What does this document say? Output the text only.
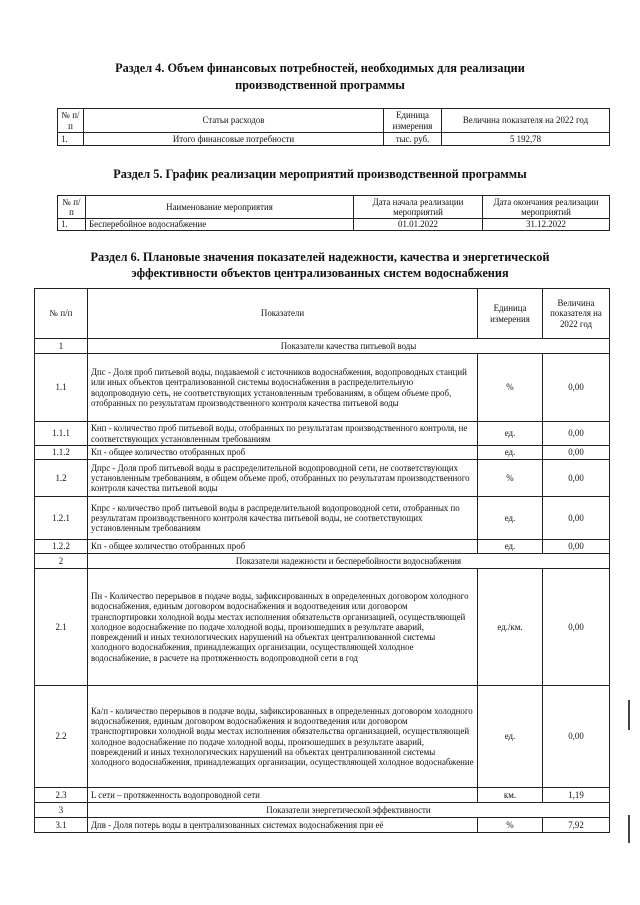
Раздел 4. Объем финансовых потребностей, необходимых для реализации
производственной программы
№ п/п	Статьи расходов	Единица измерения	Величина показателя на 2022 год
1.	Итого финансовые потребности	тыс. руб.	5 192,78
Раздел 5. График реализации мероприятий производственной программы
№ п/п	Наименование мероприятия	Дата начала реализации мероприятий	Дата окончания реализации мероприятий
1.	Бесперебойное водоснабжение	01.01.2022	31.12.2022
Раздел 6. Плановые значения показателей надежности, качества и энергетической
эффективности объектов централизованных систем водоснабжения
№ п/п	Показатели	Единица измерения	Величина показателя на 2022 год
1	Показатели качества питьевой воды		
1.1	Дпс - Доля проб питьевой воды, подаваемой с источников водоснабжения, водопроводных станций или иных объектов централизованной системы водоснабжения в распределительную водопроводную сеть, не соответствующих установленным требованиям, в общем объеме проб, отобранных по результатам производственного контроля качества питьевой воды	%	0,00
1.1.1	Кнп - количество проб питьевой воды, отобранных по результатам производственного контроля, не соответствующих установленным требованиям	ед.	0,00
1.1.2	Кп - общее количество отобранных проб	ед.	0,00
1.2	Дпрс - Доля проб питьевой воды в распределительной водопроводной сети, не соответствующих установленным требованиям, в общем объеме проб, отобранных по результатам производственного контроля качества питьевой воды	%	0,00
1.2.1	Кпрс - количество проб питьевой воды в распределительной водопроводной сети, отобранных по результатам производственного контроля качества питьевой воды, не соответствующих установленным требованиям	ед.	0,00
1.2.2	Кп - общее количество отобранных проб	ед.	0,00
2	Показатели надежности и бесперебойности водоснабжения		
2.1	Пн - Количество перерывов в подаче воды, зафиксированных в определенных договором холодного водоснабжения, единым договором водоснабжения и водоотведения или договором транспортировки холодной воды местах исполнения обязательств организацией, осуществляющей холодное водоснабжение по подаче холодной воды, произошедших в результате аварий, повреждений и иных технологических нарушений на объектах централизованной системы холодного водоснабжения, принадлежащих организации, осуществляющей холодное водоснабжение, в расчете на протяженность водопроводной сети в год	ед./км.	0,00
2.2	Ка/п - количество перерывов в подаче воды, зафиксированных в определенных договором холодного водоснабжения, единым договором водоснабжения и водоотведения или договором транспортировки холодной воды местах исполнения обязательства организацией, осуществляющей холодное водоснабжение по подаче холодной воды, произошедших в результате аварий, повреждений и иных технологических нарушений на объектах централизованной системы холодного водоснабжения, принадлежащих организации, осуществляющей холодное водоснабжение	ед.	0,00
2.3	L сети – протяженность водопроводной сети	км.	1,19
3	Показатели энергетической эффективности		
3.1	Дпв - Доля потерь воды в централизованных системах водоснабжения при её	%	7,92
